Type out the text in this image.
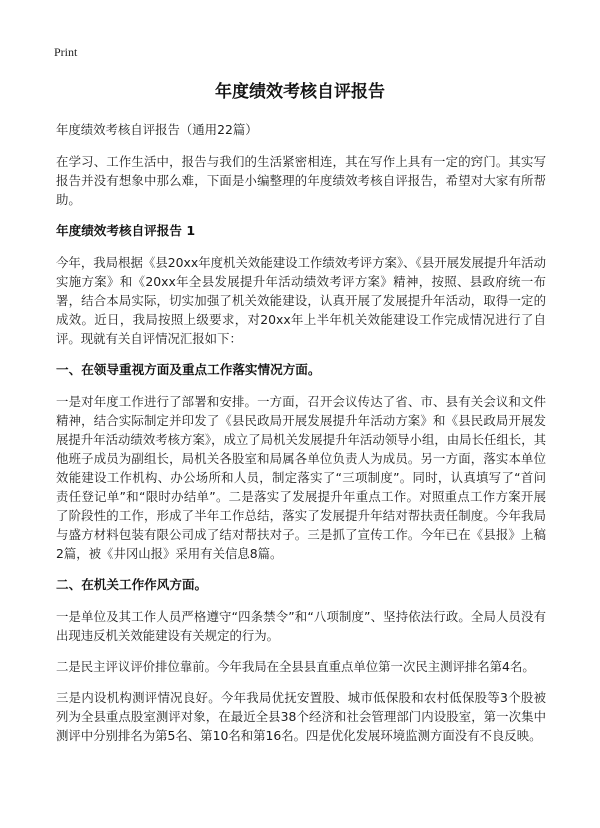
Print
年度绩效考核自评报告

年度绩效考核自评报告（通用22篇）

在学习、工作生活中，报告与我们的生活紧密相连，其在写作上具有一定的窍门。其实写报告并没有想象中那么难，下面是小编整理的年度绩效考核自评报告，希望对大家有所帮助。

年度绩效考核自评报告 1

今年，我局根据《县20xx年度机关效能建设工作绩效考评方案》、《县开展发展提升年活动实施方案》和《20xx年全县发展提升年活动绩效考评方案》精神，按照、县政府统一布署，结合本局实际，切实加强了机关效能建设，认真开展了发展提升年活动，取得一定的成效。近日，我局按照上级要求，对20xx年上半年机关效能建设工作完成情况进行了自评。现就有关自评情况汇报如下：

一、在领导重视方面及重点工作落实情况方面。

一是对年度工作进行了部署和安排。一方面，召开会议传达了省、市、县有关会议和文件精神，结合实际制定并印发了《县民政局开展发展提升年活动方案》和《县民政局开展发展提升年活动绩效考核方案》，成立了局机关发展提升年活动领导小组，由局长任组长，其他班子成员为副组长，局机关各股室和局属各单位负责人为成员。另一方面，落实本单位效能建设工作机构、办公场所和人员，制定落实了“三项制度”。同时，认真填写了“首问责任登记单”和“限时办结单”。二是落实了发展提升年重点工作。对照重点工作方案开展了阶段性的工作，形成了半年工作总结，落实了发展提升年结对帮扶责任制度。今年我局与盛方材料包装有限公司成了结对帮扶对子。三是抓了宣传工作。今年已在《县报》上稿2篇，被《井冈山报》采用有关信息8篇。

二、在机关工作作风方面。

一是单位及其工作人员严格遵守“四条禁令”和“八项制度”、坚持依法行政。全局人员没有出现违反机关效能建设有关规定的行为。

二是民主评议评价排位靠前。今年我局在全县县直重点单位第一次民主测评排名第4名。

三是内设机构测评情况良好。今年我局优抚安置股、城市低保股和农村低保股等3个股被列为全县重点股室测评对象，在最近全县38个经济和社会管理部门内设股室，第一次集中测评中分别排名为第5名、第10名和第16名。四是优化发展环境监测方面没有不良反映。
